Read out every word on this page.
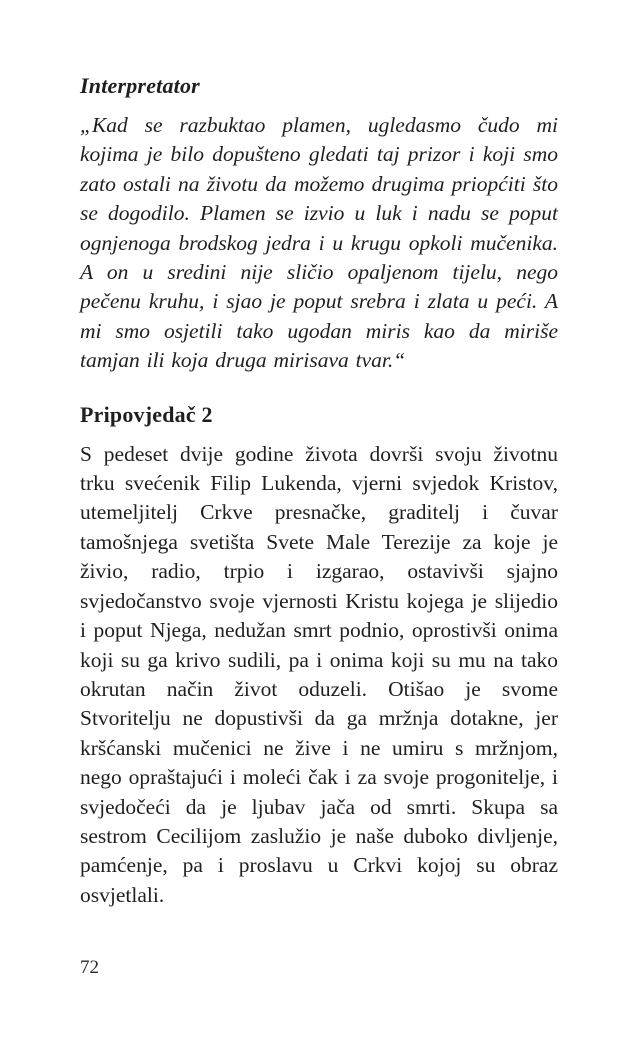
Interpretator

„Kad se razbuktao plamen, ugledasmo čudo mi kojima je bilo dopušteno gledati taj prizor i koji smo zato ostali na životu da možemo drugima priopćiti što se dogodilo. Plamen se izvio u luk i nadu se poput ognjenoga brodskog jedra i u krugu opkoli mučenika. A on u sredini nije sličio opaljenom tijelu, nego pečenu kruhu, i sjao je poput srebra i zlata u peći. A mi smo osjetili tako ugodan miris kao da miriše tamjan ili koja druga mirisava tvar.“

Pripovjedač 2

S pedeset dvije godine života dovrši svoju životnu trku svećenik Filip Lukenda, vjerni svjedok Kristov, utemeljitelj Crkve presnačke, graditelj i čuvar tamošnjega svetišta Svete Male Terezije za koje je živio, radio, trpio i izgarao, ostavivši sjajno svjedočanstvo svoje vjernosti Kristu kojega je slijedio i poput Njega, nedužan smrt podnio, oprostivši onima koji su ga krivo sudili, pa i onima koji su mu na tako okrutan način život oduzeli. Otišao je svome Stvoritelju ne dopustivši da ga mržnja dotakne, jer kršćanski mučenici ne žive i ne umiru s mržnjom, nego opraštajući i moleći čak i za svoje progonitelje, i svjedočeći da je ljubav jača od smrti. Skupa sa sestrom Cecilijom zaslužio je naše duboko divljenje, pamćenje, pa i proslavu u Crkvi kojoj su obraz osvjetlali.

72
